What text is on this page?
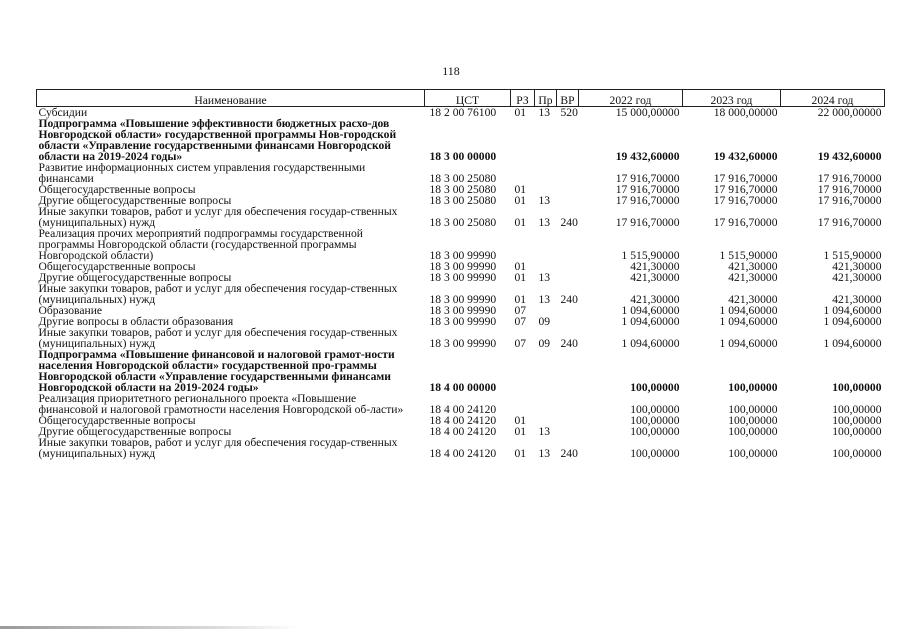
118
Наименование	ЦСТ	РЗ	Пр	ВР	2022 год	2023 год	2024 год
Субсидии	18 2 00 76100	01	13	520	15 000,00000	18 000,00000	22 000,00000
Подпрограмма «Повышение эффективности бюджетных расхо-дов Новгородской области» государственной программы Нов-городской области «Управление государственными финансами Новгородской области на 2019-2024 годы»	18 3 00 00000				19 432,60000	19 432,60000	19 432,60000
Развитие информационных систем управления государственными финансами	18 3 00 25080				17 916,70000	17 916,70000	17 916,70000
Общегосударственные вопросы	18 3 00 25080	01			17 916,70000	17 916,70000	17 916,70000
Другие общегосударственные вопросы	18 3 00 25080	01	13		17 916,70000	17 916,70000	17 916,70000
Иные закупки товаров, работ и услуг для обеспечения государ-ственных (муниципальных) нужд	18 3 00 25080	01	13	240	17 916,70000	17 916,70000	17 916,70000
Реализация прочих мероприятий подпрограммы государственной программы Новгородской области (государственной программы Новгородской области)	18 3 00 99990				1 515,90000	1 515,90000	1 515,90000
Общегосударственные вопросы	18 3 00 99990	01			421,30000	421,30000	421,30000
Другие общегосударственные вопросы	18 3 00 99990	01	13		421,30000	421,30000	421,30000
Иные закупки товаров, работ и услуг для обеспечения государ-ственных (муниципальных) нужд	18 3 00 99990	01	13	240	421,30000	421,30000	421,30000
Образование	18 3 00 99990	07			1 094,60000	1 094,60000	1 094,60000
Другие вопросы в области образования	18 3 00 99990	07	09		1 094,60000	1 094,60000	1 094,60000
Иные закупки товаров, работ и услуг для обеспечения государ-ственных (муниципальных) нужд	18 3 00 99990	07	09	240	1 094,60000	1 094,60000	1 094,60000
Подпрограмма «Повышение финансовой и налоговой грамот-ности населения Новгородской области» государственной про-граммы Новгородской области «Управление государственными финансами Новгородской области на 2019-2024 годы»	18 4 00 00000				100,00000	100,00000	100,00000
Реализация приоритетного регионального проекта «Повышение финансовой и налоговой грамотности населения Новгородской об-ласти»	18 4 00 24120				100,00000	100,00000	100,00000
Общегосударственные вопросы	18 4 00 24120	01			100,00000	100,00000	100,00000
Другие общегосударственные вопросы	18 4 00 24120	01	13		100,00000	100,00000	100,00000
Иные закупки товаров, работ и услуг для обеспечения государ-ственных (муниципальных) нужд	18 4 00 24120	01	13	240	100,00000	100,00000	100,00000
